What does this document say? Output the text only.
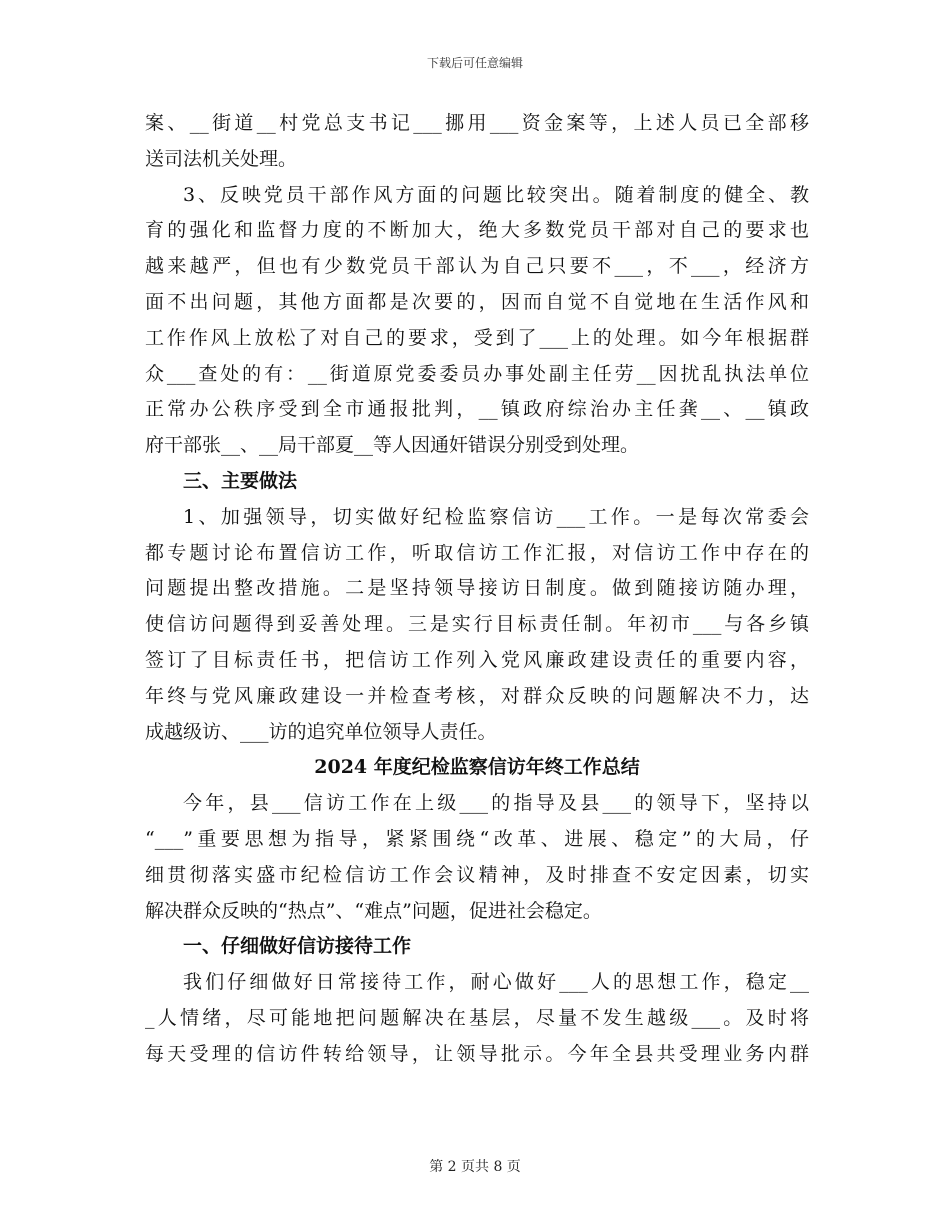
下载后可任意编辑
案、__街道__村党总支书记___挪用___资金案等，上述人员已全部移
送司法机关处理。
3、反映党员干部作风方面的问题比较突出。随着制度的健全、教
育的强化和监督力度的不断加大，绝大多数党员干部对自己的要求也
越来越严，但也有少数党员干部认为自己只要不___，不___，经济方
面不出问题，其他方面都是次要的，因而自觉不自觉地在生活作风和
工作作风上放松了对自己的要求，受到了___上的处理。如今年根据群
众___查处的有：__街道原党委委员办事处副主任劳__因扰乱执法单位
正常办公秩序受到全市通报批判，__镇政府综治办主任龚__、__镇政
府干部张__、__局干部夏__等人因通奸错误分别受到处理。
三、主要做法
1、加强领导，切实做好纪检监察信访___工作。一是每次常委会
都专题讨论布置信访工作，听取信访工作汇报，对信访工作中存在的
问题提出整改措施。二是坚持领导接访日制度。做到随接访随办理，
使信访问题得到妥善处理。三是实行目标责任制。年初市___与各乡镇
签订了目标责任书，把信访工作列入党风廉政建设责任的重要内容，
年终与党风廉政建设一并检查考核，对群众反映的问题解决不力，达
成越级访、___访的追究单位领导人责任。
2024 年度纪检监察信访年终工作总结
今年，县___信访工作在上级___的指导及县___的领导下，坚持以
“___”重要思想为指导，紧紧围绕“改革、进展、稳定”的大局，仔
细贯彻落实盛市纪检信访工作会议精神，及时排查不安定因素，切实
解决群众反映的“热点”、“难点”问题，促进社会稳定。
一、仔细做好信访接待工作
我们仔细做好日常接待工作，耐心做好___人的思想工作，稳定__
_人情绪，尽可能地把问题解决在基层，尽量不发生越级___。及时将
每天受理的信访件转给领导，让领导批示。今年全县共受理业务内群
第 2 页共 8 页
